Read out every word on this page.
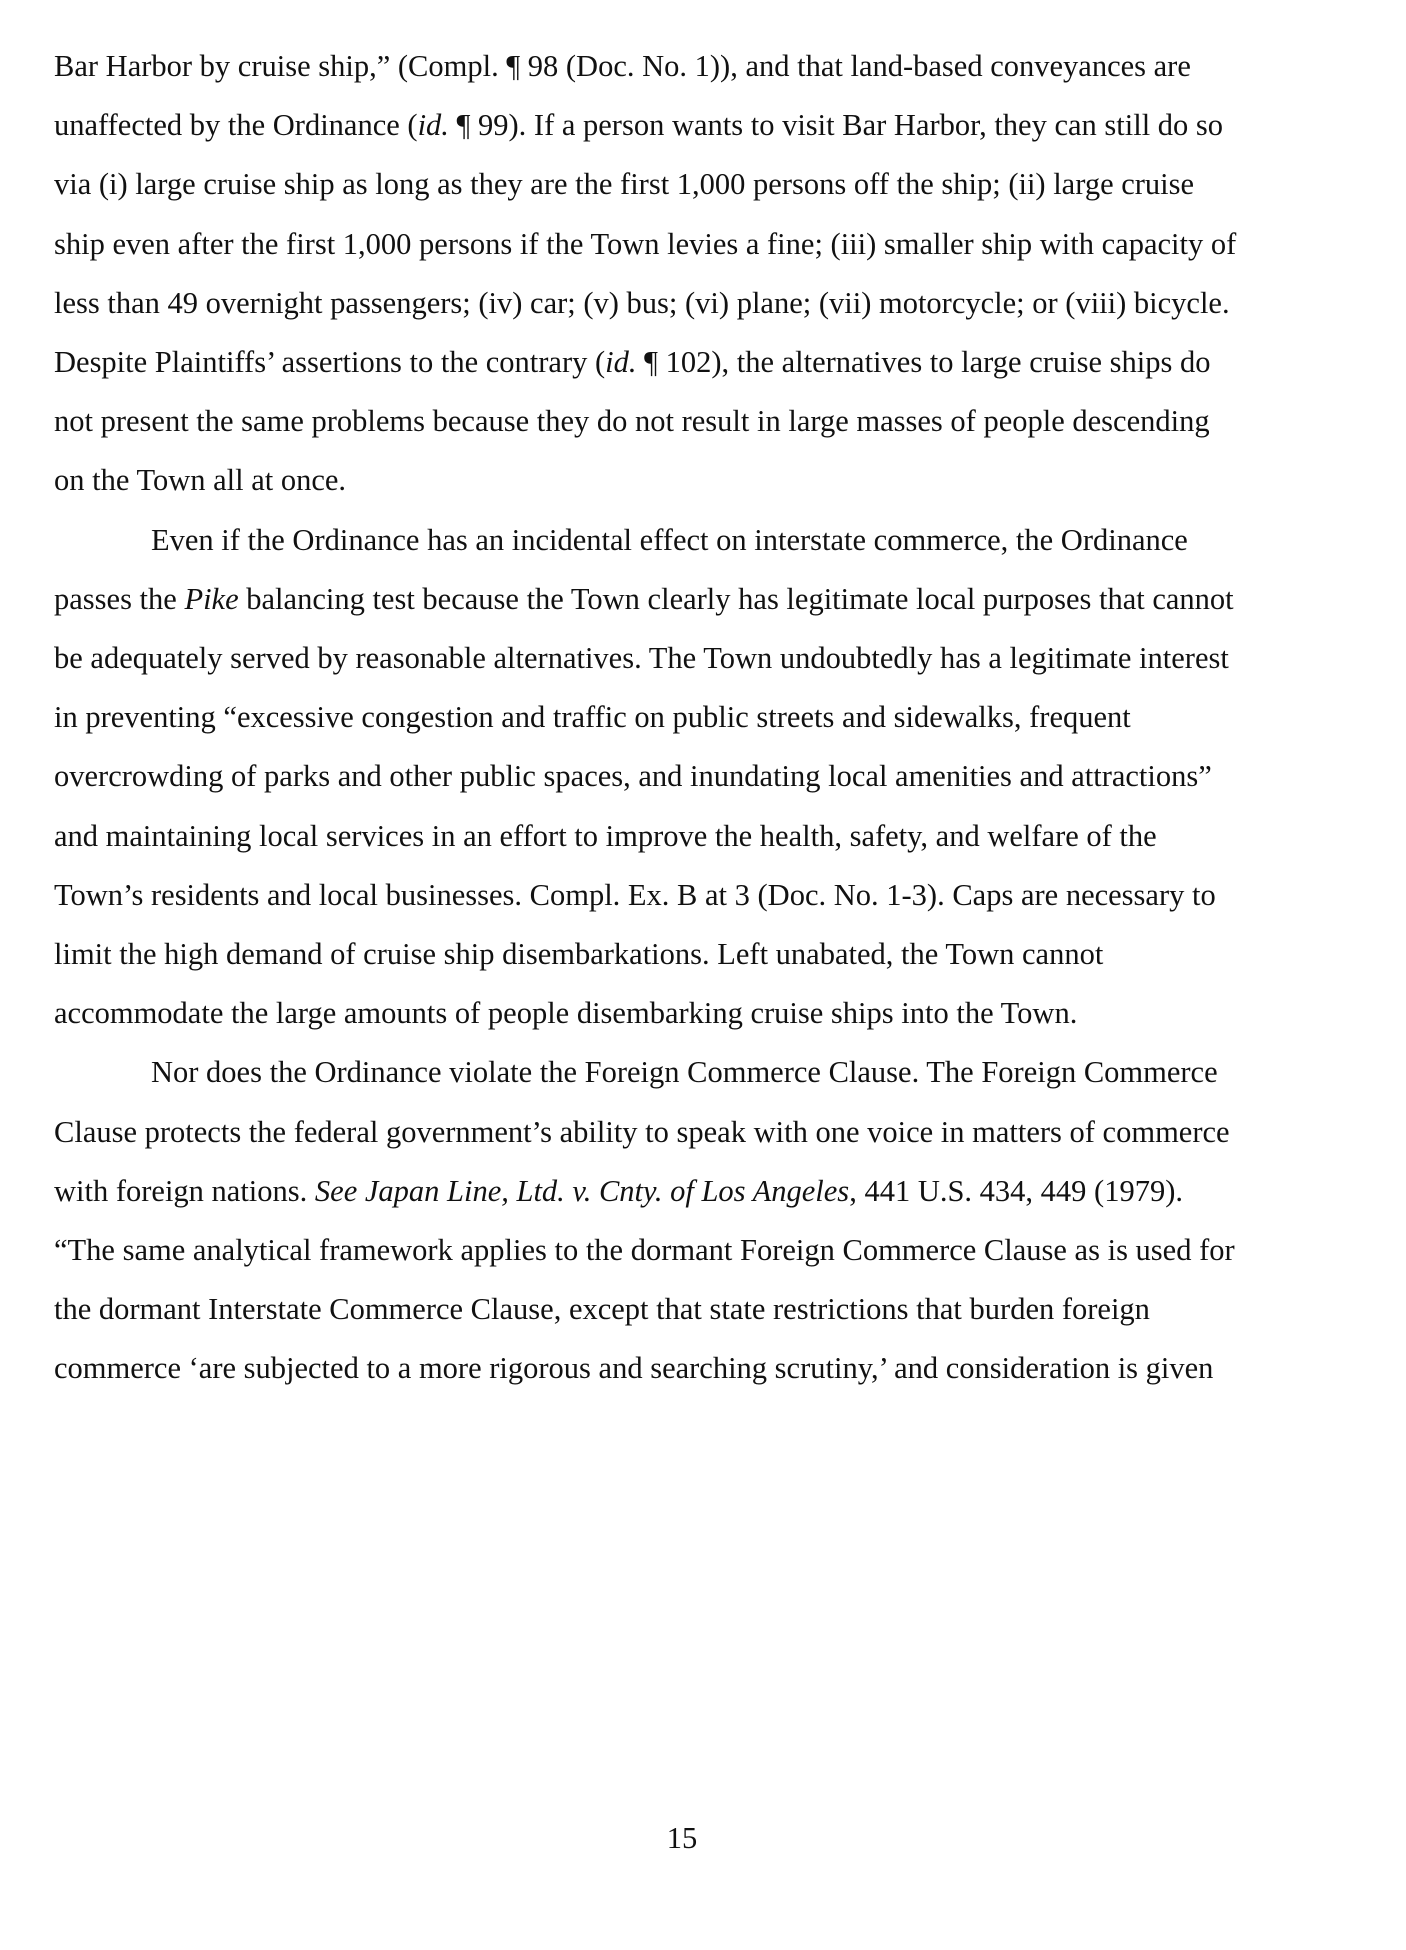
Bar Harbor by cruise ship,” (Compl. ¶ 98 (Doc. No. 1)), and that land-based conveyances are
unaffected by the Ordinance (id. ¶ 99). If a person wants to visit Bar Harbor, they can still do so
via (i) large cruise ship as long as they are the first 1,000 persons off the ship; (ii) large cruise
ship even after the first 1,000 persons if the Town levies a fine; (iii) smaller ship with capacity of
less than 49 overnight passengers; (iv) car; (v) bus; (vi) plane; (vii) motorcycle; or (viii) bicycle.
Despite Plaintiffs’ assertions to the contrary (id. ¶ 102), the alternatives to large cruise ships do
not present the same problems because they do not result in large masses of people descending
on the Town all at once.
Even if the Ordinance has an incidental effect on interstate commerce, the Ordinance
passes the Pike balancing test because the Town clearly has legitimate local purposes that cannot
be adequately served by reasonable alternatives. The Town undoubtedly has a legitimate interest
in preventing “excessive congestion and traffic on public streets and sidewalks, frequent
overcrowding of parks and other public spaces, and inundating local amenities and attractions”
and maintaining local services in an effort to improve the health, safety, and welfare of the
Town’s residents and local businesses. Compl. Ex. B at 3 (Doc. No. 1-3). Caps are necessary to
limit the high demand of cruise ship disembarkations. Left unabated, the Town cannot
accommodate the large amounts of people disembarking cruise ships into the Town.
Nor does the Ordinance violate the Foreign Commerce Clause. The Foreign Commerce
Clause protects the federal government’s ability to speak with one voice in matters of commerce
with foreign nations. See Japan Line, Ltd. v. Cnty. of Los Angeles, 441 U.S. 434, 449 (1979).
“The same analytical framework applies to the dormant Foreign Commerce Clause as is used for
the dormant Interstate Commerce Clause, except that state restrictions that burden foreign
commerce ‘are subjected to a more rigorous and searching scrutiny,’ and consideration is given
15
